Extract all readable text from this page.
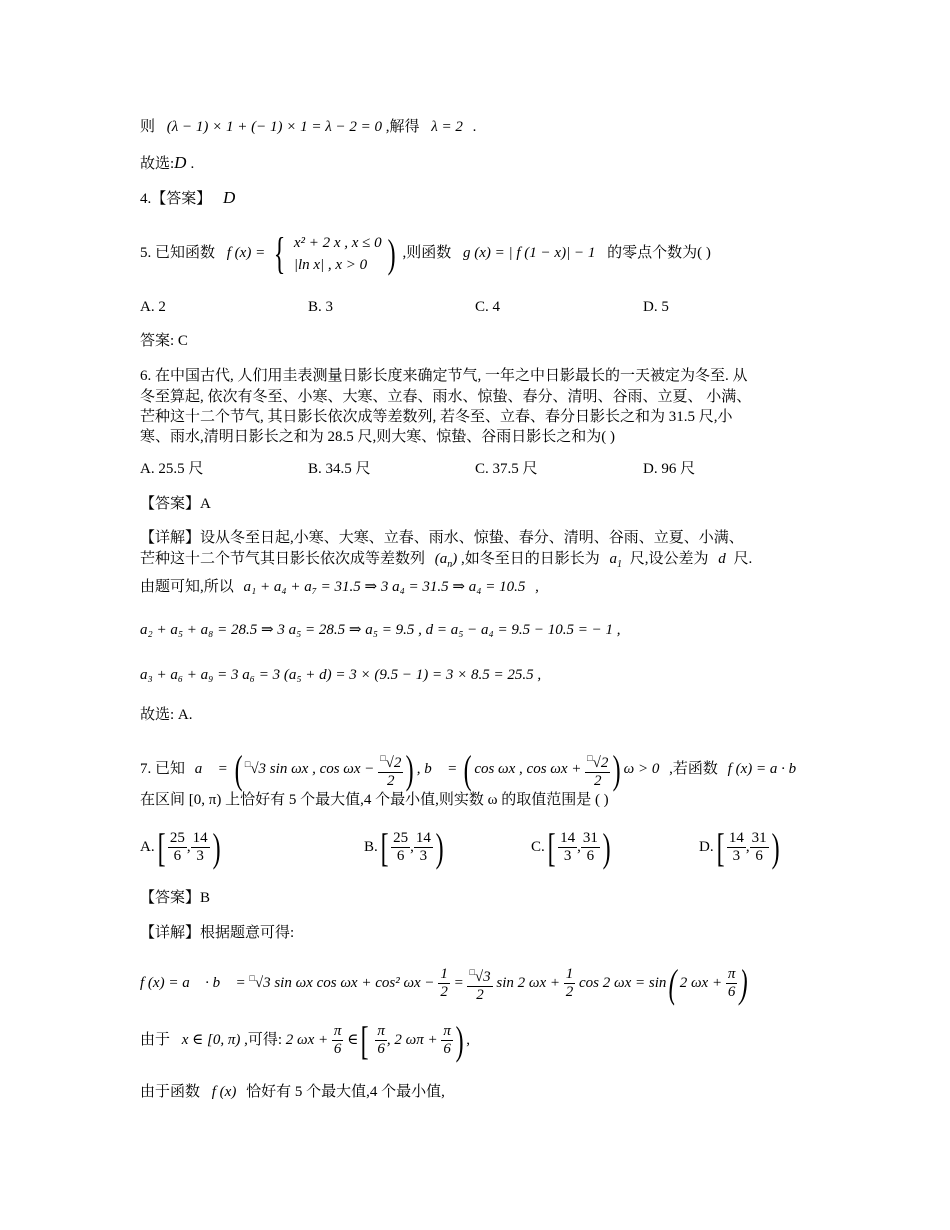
则 (λ − 1) × 1 + (− 1) × 1 = λ − 2 = 0 ,解得 λ = 2 .
故选:D .
4.【答案】 D
5. 已知函数 f (x) = { x² + 2 x , x ≤ 0
|ln x| , x > 0 ) ,则函数 g (x) = | f (1 − x)| − 1 的零点个数为( )
A. 2	B. 3	C. 4	D. 5
答案: C
6. 在中国古代, 人们用圭表测量日影长度来确定节气, 一年之中日影最长的一天被定为冬至. 从
冬至算起, 依次有冬至、小寒、大寒、立春、雨水、惊蛰、春分、清明、谷雨、立夏、 小满、
芒种这十二个节气, 其日影长依次成等差数列, 若冬至、立春、春分日影长之和为 31.5 尺,小
寒、雨水,清明日影长之和为 28.5 尺,则大寒、惊蛰、谷雨日影长之和为( )
A. 25.5 尺	B. 34.5 尺	C. 37.5 尺	D. 96 尺
【答案】A
【详解】设从冬至日起,小寒、大寒、立春、雨水、惊蛰、春分、清明、谷雨、立夏、小满、
芒种这十二个节气其日影长依次成等差数列 $(a_n)$ ,如冬至日的日影长为 $a_1$ 尺,设公差为 d 尺.
由题可知,所以 a₁ + a₄ + a₇ = 31.5 ⇒ 3 a₄ = 31.5 ⇒ a₄ = 10.5 ,
a₂ + a₅ + a₈ = 28.5 ⇒ 3 a₅ = 28.5 ⇒ a₅ = 9.5 , d = a₅ − a₄ = 9.5 − 10.5 = − 1 ,
a₃ + a₆ + a₉ = 3 a₆ = 3 (a₅ + d) = 3 × (9.5 − 1) = 3 × 8.5 = 25.5 ,
故选: A.
7. 已知 a⃗ = ( □√3 sin ωx , $\cos \omega x - \frac{^□√2}{2}$ ) , b⃗ = ( cos ωx , $\cos \omega x + \frac{^□√2}{2}$ ) ω > 0 ,若函数 f (x) = a · b
在区间 [0, π) 上恰好有 5 个最大值,4 个最小值,则实数 ω 的取值范围是 ( )
$A.[ \frac{25}{6}$ , $\frac{14}{3}$ )	$B.[ \frac{25}{6}$ , $\frac{14}{3}$ )	$C.[ \frac{14}{3}$ , $\frac{31}{6}$ )	$D.[ \frac{14}{3}$ , $\frac{31}{6}$ )
【答案】B
【详解】根据题意可得:
f (x) = a⃗ · b⃗ = □√3 sin ωx cos ωx + cos² $\omega x - \frac{1}{2} = \frac{^□√3}{2}$ sin 2 $\omega x + \frac{1}{2}$ cos 2 ωx = sin( 2 $\omega x + \frac{\pi}{6}$ )
由于 x ∈ [0, π) ,可得: 2 $\omega x + \frac{\pi}{6}$ ∈[ $\frac{\pi}{6}$ , 2 $\omega\pi + \frac{\pi}{6}$ ) ,
由于函数 f (x) 恰好有 5 个最大值,4 个最小值,
